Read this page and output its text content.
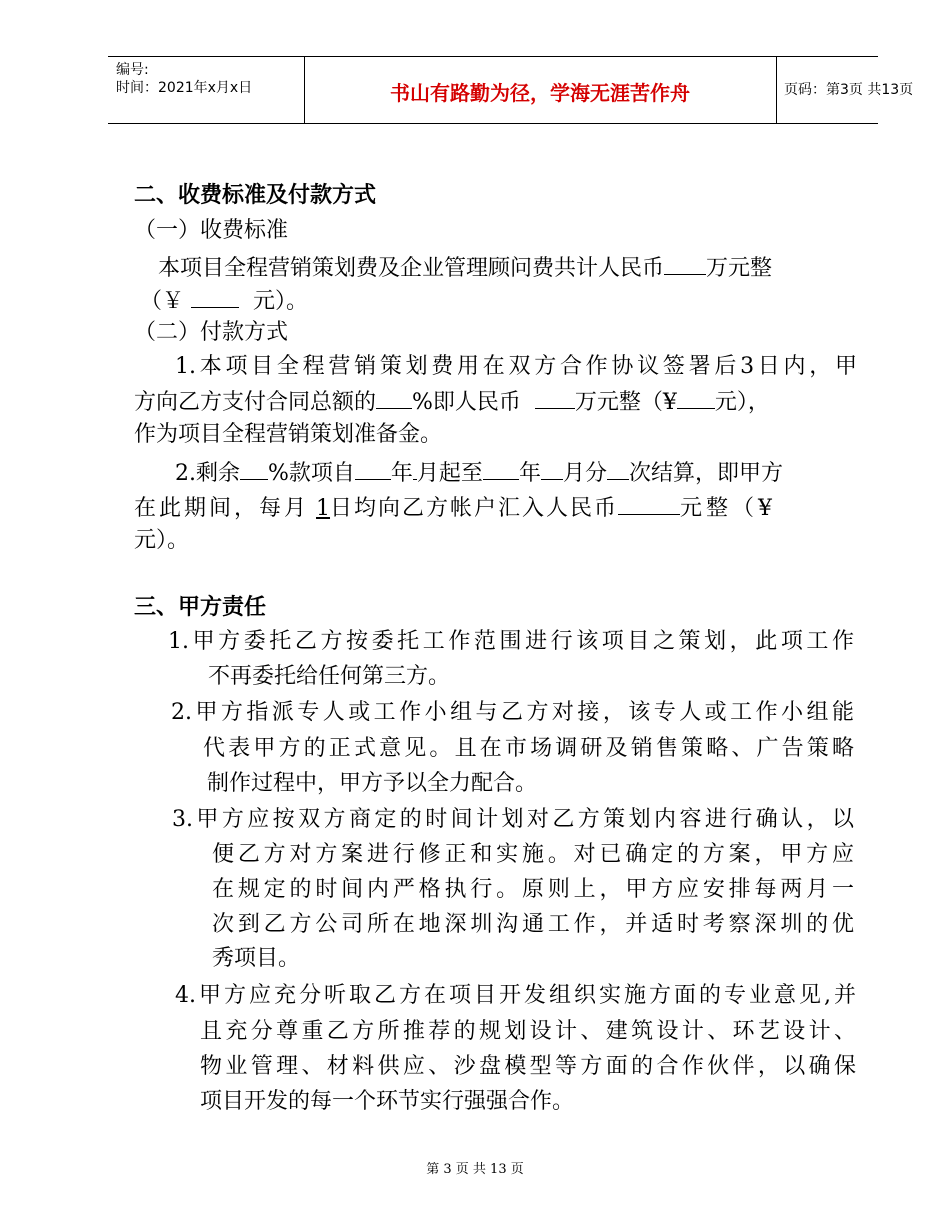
编号:
时间：2021年x月x日	书山有路勤为径，学海无涯苦作舟	页码：第3页 共13页
二、收费标准及付款方式
（一）收费标准
本项目全程营销策划费及企业管理顾问费共计人民币 万元整
（￥	元）。
（二）付款方式
1.本项目全程营销策划费用在双方合作协议签署后3日内，甲
方向乙方支付合同总额的 %即人民币 万元整（¥ 元），
作为项目全程营销策划准备金。
2.剩余 %款项自 年 月起至 年 月分 次结算，即甲方
在此期间，每月 1日均向乙方帐户汇入人民币	元整（¥
元）。
三、甲方责任
1.甲方委托乙方按委托工作范围进行该项目之策划，此项工作
不再委托给任何第三方。
2.甲方指派专人或工作小组与乙方对接，该专人或工作小组能
代表甲方的正式意见。且在市场调研及销售策略、广告策略
制作过程中，甲方予以全力配合。
3.甲方应按双方商定的时间计划对乙方策划内容进行确认，以
便乙方对方案进行修正和实施。对已确定的方案，甲方应
在规定的时间内严格执行。原则上，甲方应安排每两月一
次到乙方公司所在地深圳沟通工作，并适时考察深圳的优
秀项目。
4.甲方应充分听取乙方在项目开发组织实施方面的专业意见,并
且充分尊重乙方所推荐的规划设计、建筑设计、环艺设计、
物业管理、材料供应、沙盘模型等方面的合作伙伴，以确保
项目开发的每一个环节实行强强合作。
第 3 页 共 13 页
